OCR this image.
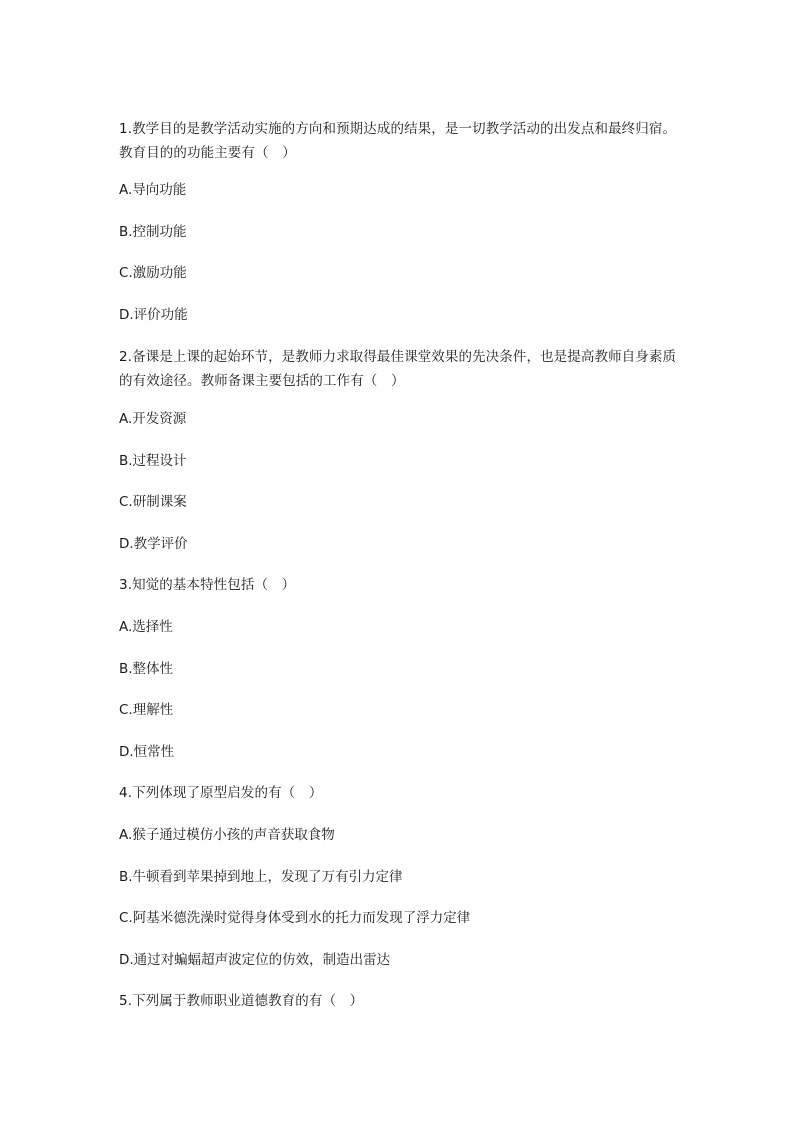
1.教学目的是教学活动实施的方向和预期达成的结果，是一切教学活动的出发点和最终归宿。教育目的的功能主要有（　）

A.导向功能

B.控制功能

C.激励功能

D.评价功能

2.备课是上课的起始环节，是教师力求取得最佳课堂效果的先决条件，也是提高教师自身素质的有效途径。教师备课主要包括的工作有（　）

A.开发资源

B.过程设计

C.研制课案

D.教学评价

3.知觉的基本特性包括（　）

A.选择性

B.整体性

C.理解性

D.恒常性

4.下列体现了原型启发的有（　）

A.猴子通过模仿小孩的声音获取食物

B.牛顿看到苹果掉到地上，发现了万有引力定律

C.阿基米德洗澡时觉得身体受到水的托力而发现了浮力定律

D.通过对蝙蝠超声波定位的仿效，制造出雷达

5.下列属于教师职业道德教育的有（　）
